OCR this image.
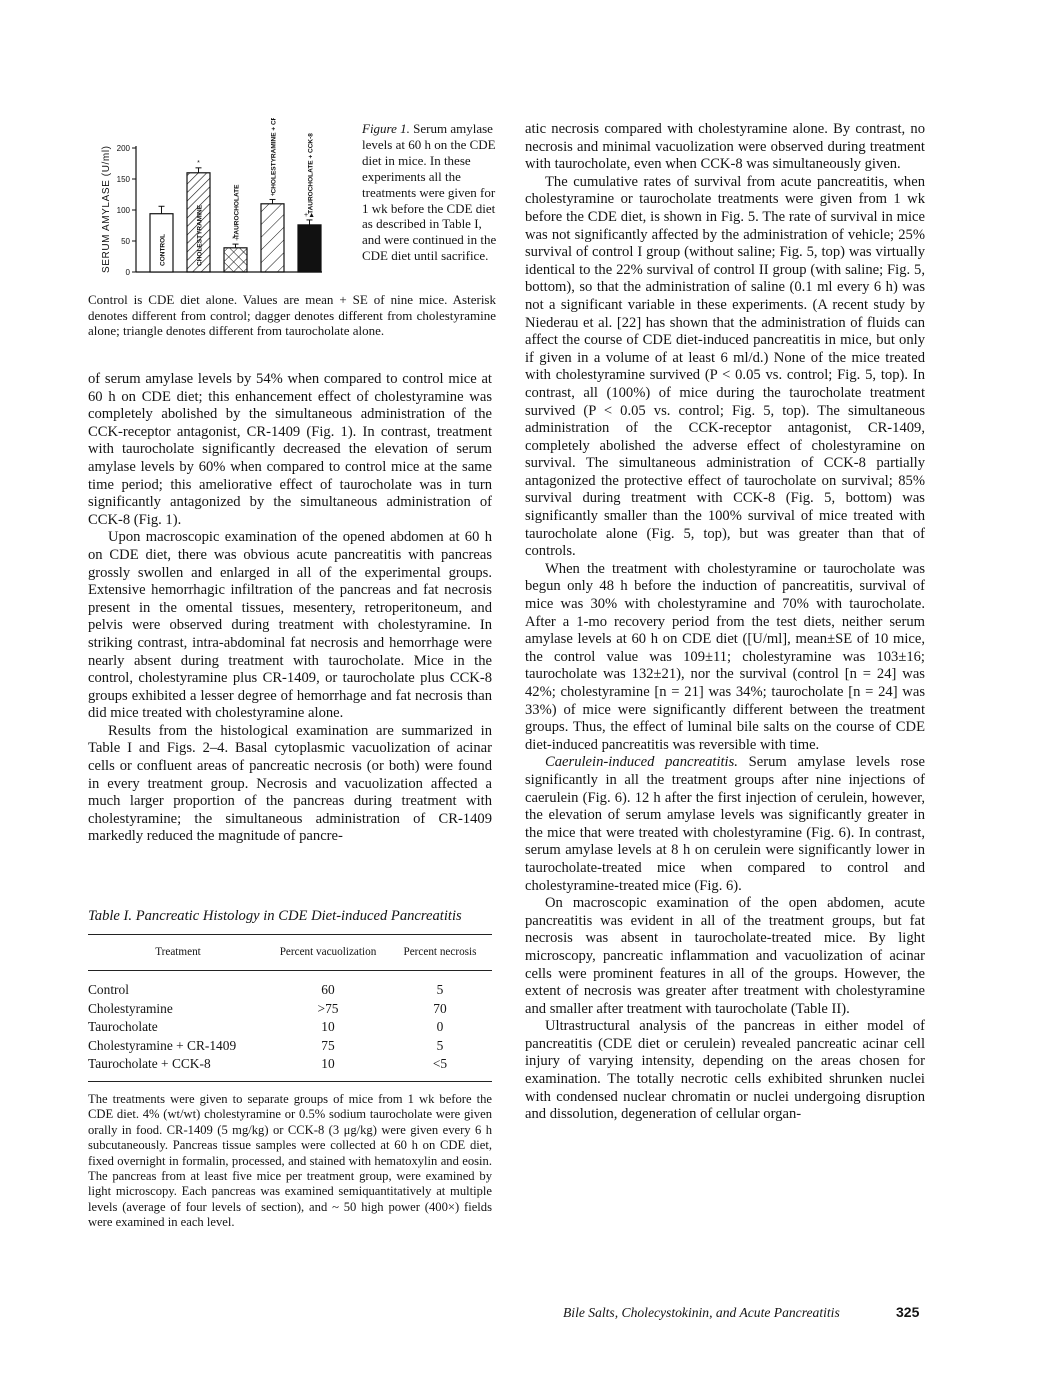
SERUM AMYLASE (U/ml) 0
50
100
150
200
CONTROL	CHOLESTYRAMINE
*
TAUROCHOLATE
*+
CHOLESTYRAMINE + CR-1409
+	TAUROCHOLATE + CCK-8
+▲
Figure 1. Serum amylase levels at 60 h on the CDE diet in mice. In these experiments all the treatments were given for 1 wk before the CDE diet as described in Table I, and were continued in the CDE diet until sacrifice.
Control is CDE diet alone. Values are mean + SE of nine mice. Asterisk denotes different from control; dagger denotes different from cholestyramine alone; triangle denotes different from taurocholate alone.

of serum amylase levels by 54% when compared to control mice at 60 h on CDE diet; this enhancement effect of cholestyramine was completely abolished by the simultaneous administration of the CCK-receptor antagonist, CR-1409 (Fig. 1). In contrast, treatment with taurocholate significantly decreased the elevation of serum amylase levels by 60% when compared to control mice at the same time period; this ameliorative effect of taurocholate was in turn significantly antagonized by the simultaneous administration of CCK-8 (Fig. 1).

Upon macroscopic examination of the opened abdomen at 60 h on CDE diet, there was obvious acute pancreatitis with pancreas grossly swollen and enlarged in all of the experimental groups. Extensive hemorrhagic infiltration of the pancreas and fat necrosis present in the omental tissues, mesentery, retroperitoneum, and pelvis were observed during treatment with cholestyramine. In striking contrast, intra-abdominal fat necrosis and hemorrhage were nearly absent during treatment with taurocholate. Mice in the control, cholestyramine plus CR-1409, or taurocholate plus CCK-8 groups exhibited a lesser degree of hemorrhage and fat necrosis than did mice treated with cholestyramine alone.

Results from the histological examination are summarized in Table I and Figs. 2–4. Basal cytoplasmic vacuolization of acinar cells or confluent areas of pancreatic necrosis (or both) were found in every treatment group. Necrosis and vacuolization affected a much larger proportion of the pancreas during treatment with cholestyramine; the simultaneous administration of CR-1409 markedly reduced the magnitude of pancre-

Table I. Pancreatic Histology in CDE Diet-induced Pancreatitis
Treatment	Percent vacuolization	Percent necrosis
Control	60	5
Cholestyramine	>75	70
Taurocholate	10	0
Cholestyramine + CR-1409	75	5
Taurocholate + CCK-8	10	<5
The treatments were given to separate groups of mice from 1 wk before the CDE diet. 4% (wt/wt) cholestyramine or 0.5% sodium taurocholate were given orally in food. CR-1409 (5 mg/kg) or CCK-8 (3 μg/kg) were given every 6 h subcutaneously. Pancreas tissue samples were collected at 60 h on CDE diet, fixed overnight in formalin, processed, and stained with hematoxylin and eosin. The pancreas from at least five mice per treatment group, were examined by light microscopy. Each pancreas was examined semiquantitatively at multiple levels (average of four levels of section), and ~ 50 high power (400×) fields were examined in each level.

atic necrosis compared with cholestyramine alone. By contrast, no necrosis and minimal vacuolization were observed during treatment with taurocholate, even when CCK-8 was simultaneously given.

The cumulative rates of survival from acute pancreatitis, when cholestyramine or taurocholate treatments were given from 1 wk before the CDE diet, is shown in Fig. 5. The rate of survival in mice was not significantly affected by the administration of vehicle; 25% survival of control I group (without saline; Fig. 5, top) was virtually identical to the 22% survival of control II group (with saline; Fig. 5, bottom), so that the administration of saline (0.1 ml every 6 h) was not a significant variable in these experiments. (A recent study by Niederau et al. [22] has shown that the administration of fluids can affect the course of CDE diet-induced pancreatitis in mice, but only if given in a volume of at least 6 ml/d.) None of the mice treated with cholestyramine survived (P < 0.05 vs. control; Fig. 5, top). In contrast, all (100%) of mice during the taurocholate treatment survived (P < 0.05 vs. control; Fig. 5, top). The simultaneous administration of the CCK-receptor antagonist, CR-1409, completely abolished the adverse effect of cholestyramine on survival. The simultaneous administration of CCK-8 partially antagonized the protective effect of taurocholate on survival; 85% survival during treatment with CCK-8 (Fig. 5, bottom) was significantly smaller than the 100% survival of mice treated with taurocholate alone (Fig. 5, top), but was greater than that of controls.

When the treatment with cholestyramine or taurocholate was begun only 48 h before the induction of pancreatitis, survival of mice was 30% with cholestyramine and 70% with taurocholate. After a 1-mo recovery period from the test diets, neither serum amylase levels at 60 h on CDE diet ([U/ml], mean±SE of 10 mice, the control value was 109±11; cholestyramine was 103±16; taurocholate was 132±21), nor the survival (control [n = 24] was 42%; cholestyramine [n = 21] was 34%; taurocholate [n = 24] was 33%) of mice were significantly different between the treatment groups. Thus, the effect of luminal bile salts on the course of CDE diet-induced pancreatitis was reversible with time.

Caerulein-induced pancreatitis. Serum amylase levels rose significantly in all the treatment groups after nine injections of caerulein (Fig. 6). 12 h after the first injection of cerulein, however, the elevation of serum amylase levels was significantly greater in the mice that were treated with cholestyramine (Fig. 6). In contrast, serum amylase levels at 8 h on cerulein were significantly lower in taurocholate-treated mice when compared to control and cholestyramine-treated mice (Fig. 6).

On macroscopic examination of the open abdomen, acute pancreatitis was evident in all of the treatment groups, but fat necrosis was absent in taurocholate-treated mice. By light microscopy, pancreatic inflammation and vacuolization of acinar cells were prominent features in all of the groups. However, the extent of necrosis was greater after treatment with cholestyramine and smaller after treatment with taurocholate (Table II).

Ultrastructural analysis of the pancreas in either model of pancreatitis (CDE diet or cerulein) revealed pancreatic acinar cell injury of varying intensity, depending on the areas chosen for examination. The totally necrotic cells exhibited shrunken nuclei with condensed nuclear chromatin or nuclei undergoing disruption and dissolution, degeneration of cellular organ-

Bile Salts, Cholecystokinin, and Acute Pancreatitis	325
